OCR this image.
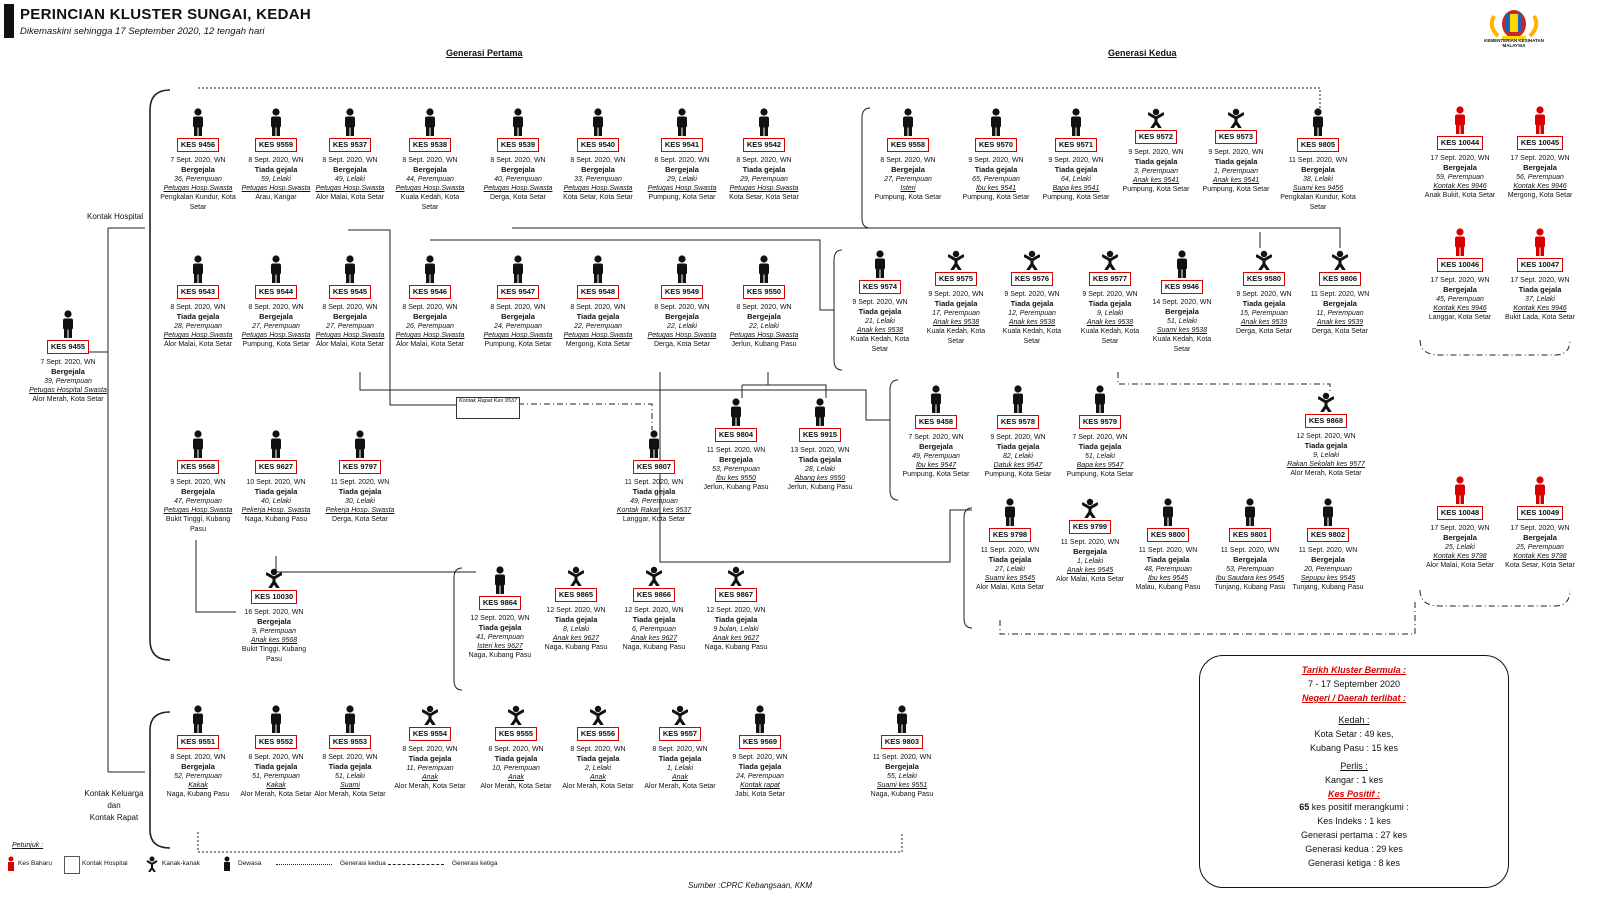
PERINCIAN KLUSTER SUNGAI, KEDAH
Dikemaskini sehingga 17 September 2020, 12 tengah hari
Generasi Pertama	Generasi Kedua
KEMENTERIAN KESIHATAN MALAYSIA
Kontak Hospital
Kontak Keluarga
dan
Kontak Rapat
Kontak Rapat Kes 9537
KES 9455

7 Sept. 2020, WN
Bergejala
39, Perempuan
Petugas Hospital Swasta
Alor Merah, Kota Setar
KES 9456

7 Sept. 2020, WN
Bergejala
36, Perempuan
Petugas Hosp.Swasta
Pengkalan Kundur, Kota Setar
KES 9559

8 Sept. 2020, WN
Tiada gejala
59, Lelaki
Petugas Hosp.Swasta
Arau, Kangar
KES 9537

8 Sept. 2020, WN
Bergejala
49, Lelaki
Petugas Hosp.Swasta
Alor Malai, Kota Setar
KES 9538

8 Sept. 2020, WN
Bergejala
44, Perempuan
Petugas Hosp.Swasta
Kuala Kedah, Kota Setar
KES 9539

8 Sept. 2020, WN
Bergejala
40, Perempuan
Petugas Hosp.Swasta
Derga, Kota Setar
KES 9540

8 Sept. 2020, WN
Bergejala
33, Perempuan
Petugas Hosp.Swasta
Kota Setar, Kota Setar
KES 9541

8 Sept. 2020, WN
Bergejala
29, Lelaki
Petugas Hosp.Swasta
Pumpung, Kota Setar
KES 9542

8 Sept. 2020, WN
Tiada gejala
29, Perempuan
Petugas Hosp.Swasta
Kota Setar, Kota Setar
KES 9543

8 Sept. 2020, WN
Tiada gejala
28, Perempuan
Petugas Hosp.Swasta
Alor Malai, Kota Setar
KES 9544

8 Sept. 2020, WN
Bergejala
27, Perempuan
Petugas Hosp.Swasta
Pumpung, Kota Setar
KES 9545

8 Sept. 2020, WN
Bergejala
27, Perempuan
Petugas Hosp.Swasta
Alor Malai, Kota Setar
KES 9546

8 Sept. 2020, WN
Bergejala
26, Perempuan
Petugas Hosp.Swasta
Alor Malai, Kota Setar
KES 9547

8 Sept. 2020, WN
Bergejala
24, Perempuan
Petugas Hosp.Swasta
Pumpung, Kota Setar
KES 9548

8 Sept. 2020, WN
Tiada gejala
22, Perempuan
Petugas Hosp.Swasta
Mergong, Kota Setar
KES 9549

8 Sept. 2020, WN
Bergejala
22, Lelaki
Petugas Hosp.Swasta
Derga, Kota Setar
KES 9550

8 Sept. 2020, WN
Bergejala
22, Lelaki
Petugas Hosp.Swasta
Jerlun, Kubang Pasu
KES 9568

9 Sept. 2020, WN
Bergejala
47, Perempuan
Petugas Hosp.Swasta
Bukit Tinggi, Kubang Pasu
KES 9627

10 Sept. 2020, WN
Tiada gejala
40, Lelaki
Pekerja Hosp. Swasta
Naga, Kubang Pasu
KES 9797

11 Sept. 2020, WN
Tiada gejala
30, Lelaki
Pekerja Hosp. Swasta
Derga, Kota Setar
KES 9807

11 Sept. 2020, WN
Tiada gejala
49, Perempuan
Kontak Rakan kes 9537
Langgar, Kota Setar
KES 9804

11 Sept. 2020, WN
Bergejala
53, Perempuan
Ibu kes 9550
Jerlun, Kubang Pasu
KES 9915

13 Sept. 2020, WN
Tiada gejala
28, Lelaki
Abang kes 9550
Jerlun, Kubang Pasu
KES 10030

16 Sept. 2020, WN
Bergejala
9, Perempuan
Anak kes 9568
Bukit Tinggi, Kubang Pasu
KES 9864

12 Sept. 2020, WN
Tiada gejala
41, Perempuan
Isteri kes 9627
Naga, Kubang Pasu
KES 9865

12 Sept. 2020, WN
Tiada gejala
8, Lelaki
Anak kes 9627
Naga, Kubang Pasu
KES 9866

12 Sept. 2020, WN
Tiada gejala
6, Perempuan
Anak kes 9627
Naga, Kubang Pasu
KES 9867

12 Sept. 2020, WN
Tiada gejala
9 bulan, Lelaki
Anak kes 9627
Naga, Kubang Pasu
KES 9551

8 Sept. 2020, WN
Bergejala
52, Perempuan
Kakak
Naga, Kubang Pasu
KES 9552

8 Sept. 2020, WN
Tiada gejala
51, Perempuan
Kakak
Alor Merah, Kota Setar
KES 9553

8 Sept. 2020, WN
Tiada gejala
51, Lelaki
Suami
Alor Merah, Kota Setar
KES 9554

8 Sept. 2020, WN
Tiada gejala
11, Perempuan
Anak
Alor Merah, Kota Setar
KES 9555

8 Sept. 2020, WN
Tiada gejala
10, Perempuan
Anak
Alor Merah, Kota Setar
KES 9556

8 Sept. 2020, WN
Tiada gejala
2, Lelaki
Anak
Alor Merah, Kota Setar
KES 9557

8 Sept. 2020, WN
Tiada gejala
1, Lelaki
Anak
Alor Merah, Kota Setar
KES 9569

9 Sept. 2020, WN
Tiada gejala
24, Perempuan
Kontak rapat
Jabi, Kota Setar
KES 9803

11 Sept. 2020, WN
Bergejala
55, Lelaki
Suami kes 9551
Naga, Kubang Pasu
KES 9558

8 Sept. 2020, WN
Bergejala
27, Perempuan
Isteri
Pumpung, Kota Setar
KES 9570

9 Sept. 2020, WN
Tiada gejala
65, Perempuan
Ibu kes 9541
Pumpung, Kota Setar
KES 9571

9 Sept. 2020, WN
Tiada gejala
64, Lelaki
Bapa kes 9541
Pumpung, Kota Setar
KES 9572

9 Sept. 2020, WN
Tiada gejala
3, Perempuan
Anak kes 9541
Pumpung, Kota Setar
KES 9573

9 Sept. 2020, WN
Tiada gejala
1, Perempuan
Anak kes 9541
Pumpung, Kota Setar
KES 9805

11 Sept. 2020, WN
Bergejala
38, Lelaki
Suami kes 9456
Pengkalan Kundur, Kota Setar
KES 9574

9 Sept. 2020, WN
Tiada gejala
21, Lelaki
Anak kes 9538
Kuala Kedah, Kota Setar
KES 9575

9 Sept. 2020, WN
Tiada gejala
17, Perempuan
Anak kes 9538
Kuala Kedah, Kota Setar
KES 9576

9 Sept. 2020, WN
Tiada gejala
12, Perempuan
Anak kes 9538
Kuala Kedah, Kota Setar
KES 9577

9 Sept. 2020, WN
Tiada gejala
9, Lelaki
Anak kes 9538
Kuala Kedah, Kota Setar
KES 9946

14 Sept. 2020, WN
Bergejala
51, Lelaki
Suami kes 9538
Kuala Kedah, Kota Setar
KES 9580

9 Sept. 2020, WN
Tiada gejala
15, Perempuan
Anak kes 9539
Derga, Kota Setar
KES 9806

11 Sept. 2020, WN
Bergejala
11, Perempuan
Anak kes 9539
Derga, Kota Setar
KES 9458

7 Sept. 2020, WN
Bergejala
49, Perempuan
Ibu kes 9547
Pumpung, Kota Setar
KES 9578

9 Sept. 2020, WN
Tiada gejala
82, Lelaki
Datuk kes 9547
Pumpung, Kota Setar
KES 9579

7 Sept. 2020, WN
Tiada gejala
51, Lelaki
Bapa kes 9547
Pumpung, Kota Setar
KES 9868

12 Sept. 2020, WN
Tiada gejala
9, Lelaki
Rakan Sekolah kes 9577
Alor Merah, Kota Setar
KES 9798

11 Sept. 2020, WN
Tiada gejala
27, Lelaki
Suami kes 9545
Alor Malai, Kota Setar
KES 9799

11 Sept. 2020, WN
Bergejala
1, Lelaki
Anak kes 9545
Alor Malai, Kota Setar
KES 9800

11 Sept. 2020, WN
Tiada gejala
48, Perempuan
Ibu kes 9545
Malau, Kubang Pasu
KES 9801

11 Sept. 2020, WN
Bergejala
53, Perempuan
Ibu Saudara kes 9545
Tunjang, Kubang Pasu
KES 9802

11 Sept. 2020, WN
Bergejala
20, Perempuan
Sepupu kes 9545
Tunjang, Kubang Pasu
KES 10044

17 Sept. 2020, WN
Bergejala
59, Perempuan
Kontak Kes 9946
Anak Bukit, Kota Setar
KES 10045

17 Sept. 2020, WN
Bergejala
56, Perempuan
Kontak Kes 9946
Mergong, Kota Setar
KES 10046

17 Sept. 2020, WN
Bergejala
45, Perempuan
Kontak Kes 9946
Langgar, Kota Setar
KES 10047

17 Sept. 2020, WN
Tiada gejala
37, Lelaki
Kontak Kes 9946
Bukit Lada, Kota Setar
KES 10048

17 Sept. 2020, WN
Bergejala
25, Lelaki
Kontak Kes 9798
Alor Malai, Kota Setar
KES 10049

17 Sept. 2020, WN
Bergejala
25, Perempuan
Kontak Kes 9798
Kota Setar, Kota Setar
Tarikh Kluster Bermula :
7 - 17 September 2020
Negeri / Daerah terlibat :
Kedah :
Kota Setar : 49 kes,
Kubang Pasu : 15 kes
Perlis :
Kangar : 1 kes
Kes Positif :
65 kes positif merangkumi :
Kes Indeks : 1 kes
Generasi pertama : 27 kes
Generasi kedua : 29 kes
Generasi ketiga : 8 kes
Petunjuk :
Kes Baharu	Kontak Hospital	Kanak-kanak	Dewasa	Generasi kedua	Generasi ketiga
Sumber :CPRC Kebangsaan, KKM
